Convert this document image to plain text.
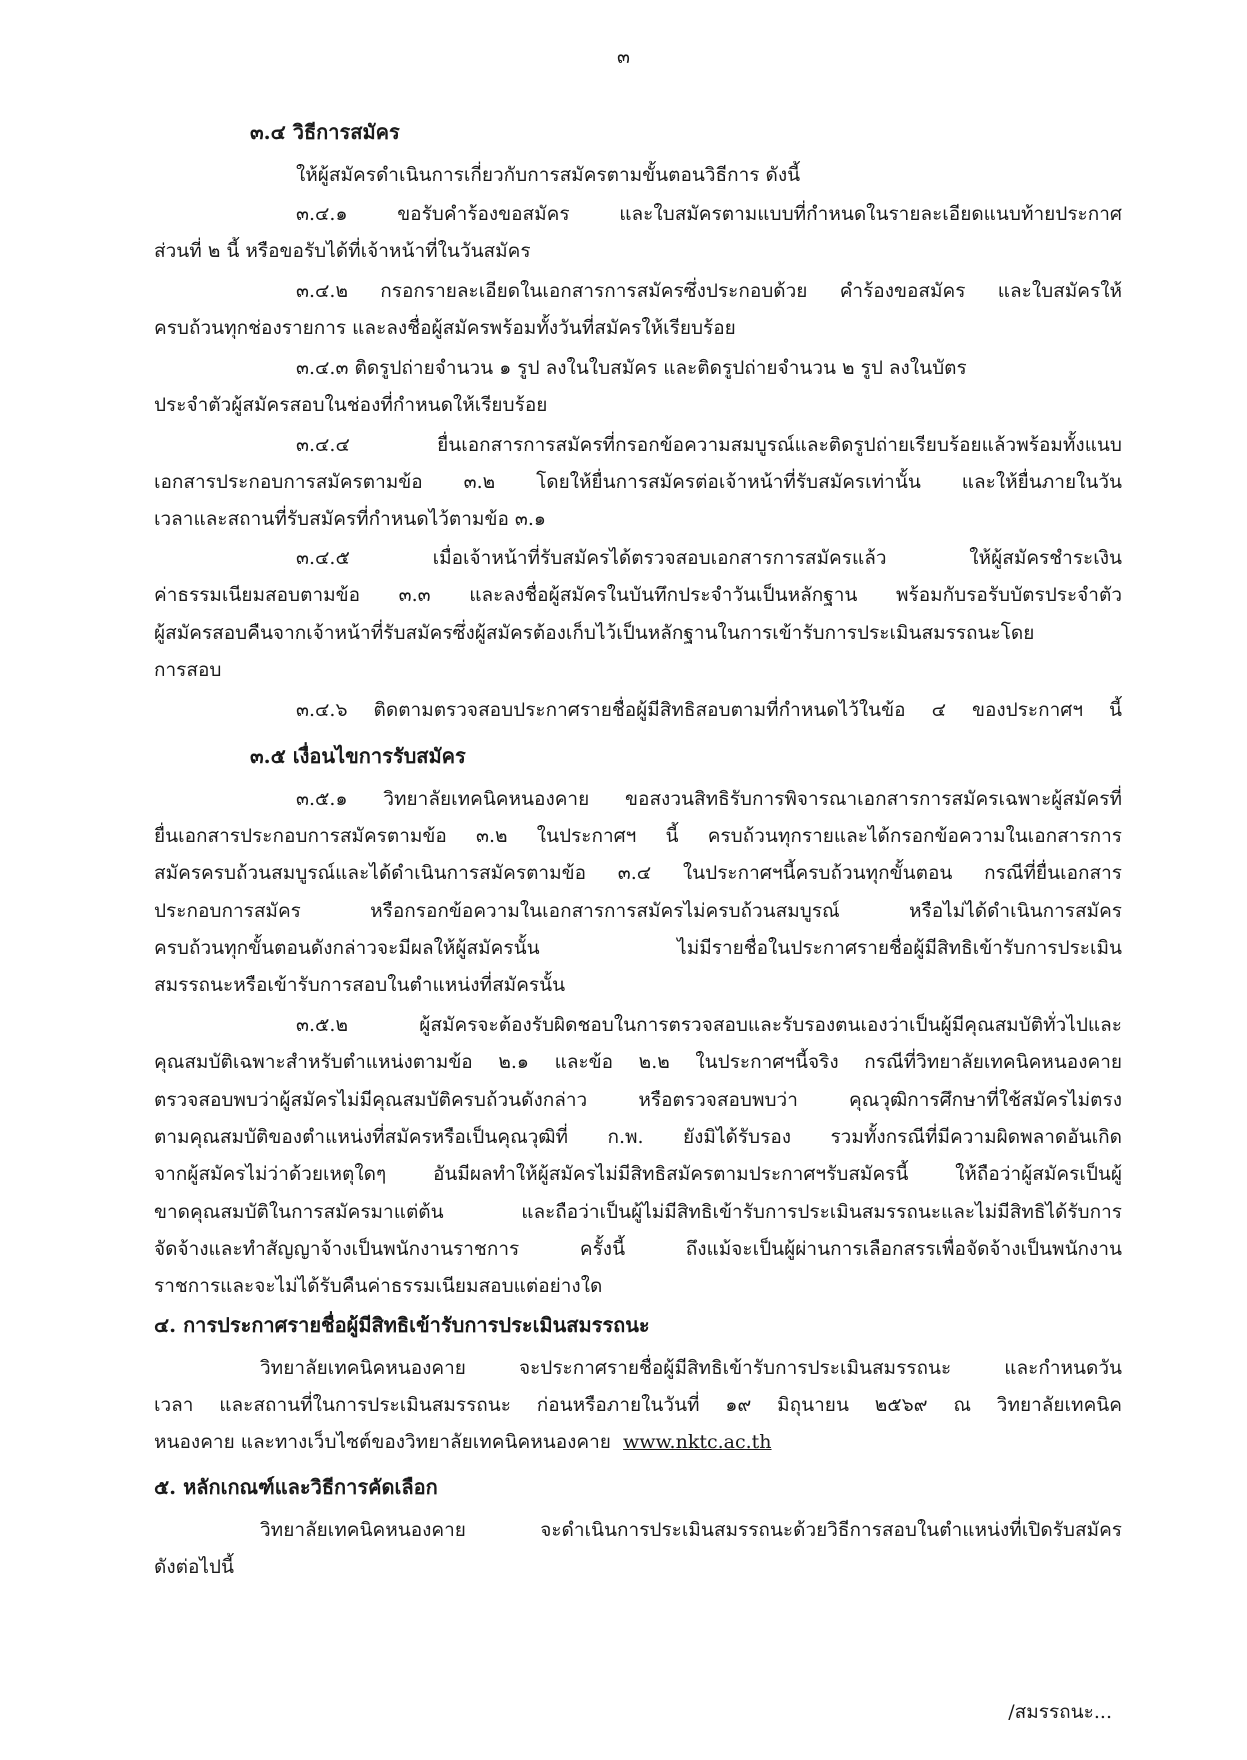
๓
๓.๔ วิธีการสมัคร
ให้ผู้สมัครดำเนินการเกี่ยวกับการสมัครตามขั้นตอนวิธีการ ดังนี้
๓.๔.๑ ขอรับคำร้องขอสมัคร และใบสมัครตามแบบที่กำหนดในรายละเอียดแนบท้ายประกาศ
ส่วนที่ ๒ นี้ หรือขอรับได้ที่เจ้าหน้าที่ในวันสมัคร
๓.๔.๒ กรอกรายละเอียดในเอกสารการสมัครซึ่งประกอบด้วย คำร้องขอสมัคร และใบสมัครให้
ครบถ้วนทุกช่องรายการ และลงชื่อผู้สมัครพร้อมทั้งวันที่สมัครให้เรียบร้อย
๓.๔.๓ ติดรูปถ่ายจำนวน ๑ รูป ลงในใบสมัคร และติดรูปถ่ายจำนวน ๒ รูป ลงในบัตร
ประจำตัวผู้สมัครสอบในช่องที่กำหนดให้เรียบร้อย
๓.๔.๔ ยื่นเอกสารการสมัครที่กรอกข้อความสมบูรณ์และติดรูปถ่ายเรียบร้อยแล้วพร้อมทั้งแนบ
เอกสารประกอบการสมัครตามข้อ ๓.๒ โดยให้ยื่นการสมัครต่อเจ้าหน้าที่รับสมัครเท่านั้น และให้ยื่นภายในวัน
เวลาและสถานที่รับสมัครที่กำหนดไว้ตามข้อ ๓.๑
๓.๔.๕ เมื่อเจ้าหน้าที่รับสมัครได้ตรวจสอบเอกสารการสมัครแล้ว ให้ผู้สมัครชำระเงิน
ค่าธรรมเนียมสอบตามข้อ ๓.๓ และลงชื่อผู้สมัครในบันทึกประจำวันเป็นหลักฐาน พร้อมกับรอรับบัตรประจำตัว
ผู้สมัครสอบคืนจากเจ้าหน้าที่รับสมัครซึ่งผู้สมัครต้องเก็บไว้เป็นหลักฐานในการเข้ารับการประเมินสมรรถนะโดย
การสอบ
๓.๔.๖ ติดตามตรวจสอบประกาศรายชื่อผู้มีสิทธิสอบตามที่กำหนดไว้ในข้อ ๔ ของประกาศฯ นี้
๓.๕ เงื่อนไขการรับสมัคร
๓.๕.๑ วิทยาลัยเทคนิคหนองคาย ขอสงวนสิทธิรับการพิจารณาเอกสารการสมัครเฉพาะผู้สมัครที่
ยื่นเอกสารประกอบการสมัครตามข้อ ๓.๒ ในประกาศฯ นี้ ครบถ้วนทุกรายและได้กรอกข้อความในเอกสารการ
สมัครครบถ้วนสมบูรณ์และได้ดำเนินการสมัครตามข้อ ๓.๔ ในประกาศฯนี้ครบถ้วนทุกขั้นตอน กรณีที่ยื่นเอกสาร
ประกอบการสมัคร หรือกรอกข้อความในเอกสารการสมัครไม่ครบถ้วนสมบูรณ์ หรือไม่ได้ดำเนินการสมัคร
ครบถ้วนทุกขั้นตอนดังกล่าวจะมีผลให้ผู้สมัครนั้น ไม่มีรายชื่อในประกาศรายชื่อผู้มีสิทธิเข้ารับการประเมิน
สมรรถนะหรือเข้ารับการสอบในตำแหน่งที่สมัครนั้น
๓.๕.๒ ผู้สมัครจะต้องรับผิดชอบในการตรวจสอบและรับรองตนเองว่าเป็นผู้มีคุณสมบัติทั่วไปและ
คุณสมบัติเฉพาะสำหรับตำแหน่งตามข้อ ๒.๑ และข้อ ๒.๒ ในประกาศฯนี้จริง กรณีที่วิทยาลัยเทคนิคหนองคาย
ตรวจสอบพบว่าผู้สมัครไม่มีคุณสมบัติครบถ้วนดังกล่าว หรือตรวจสอบพบว่า คุณวุฒิการศึกษาที่ใช้สมัครไม่ตรง
ตามคุณสมบัติของตำแหน่งที่สมัครหรือเป็นคุณวุฒิที่ ก.พ. ยังมิได้รับรอง รวมทั้งกรณีที่มีความผิดพลาดอันเกิด
จากผู้สมัครไม่ว่าด้วยเหตุใดๆ อันมีผลทำให้ผู้สมัครไม่มีสิทธิสมัครตามประกาศฯรับสมัครนี้ ให้ถือว่าผู้สมัครเป็นผู้
ขาดคุณสมบัติในการสมัครมาแต่ต้น และถือว่าเป็นผู้ไม่มีสิทธิเข้ารับการประเมินสมรรถนะและไม่มีสิทธิได้รับการ
จัดจ้างและทำสัญญาจ้างเป็นพนักงานราชการ ครั้งนี้ ถึงแม้จะเป็นผู้ผ่านการเลือกสรรเพื่อจัดจ้างเป็นพนักงาน
ราชการและจะไม่ได้รับคืนค่าธรรมเนียมสอบแต่อย่างใด
๔. การประกาศรายชื่อผู้มีสิทธิเข้ารับการประเมินสมรรถนะ
วิทยาลัยเทคนิคหนองคาย จะประกาศรายชื่อผู้มีสิทธิเข้ารับการประเมินสมรรถนะ และกำหนดวัน
เวลา และสถานที่ในการประเมินสมรรถนะ ก่อนหรือภายในวันที่ ๑๙ มิถุนายน ๒๕๖๙ ณ วิทยาลัยเทคนิค
หนองคาย และทางเว็บไซต์ของวิทยาลัยเทคนิคหนองคาย www.nktc.ac.th
๕. หลักเกณฑ์และวิธีการคัดเลือก
วิทยาลัยเทคนิคหนองคาย จะดำเนินการประเมินสมรรถนะด้วยวิธีการสอบในตำแหน่งที่เปิดรับสมัคร
ดังต่อไปนี้
/สมรรถนะ...
